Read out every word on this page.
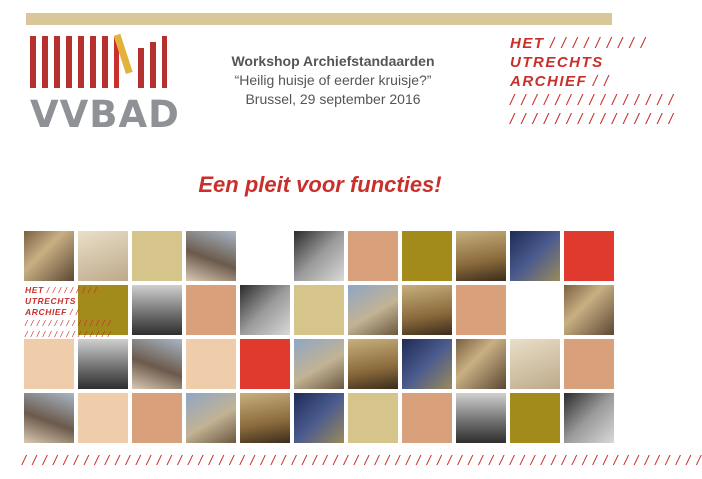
VVBAD
Workshop Archiefstandaarden
“Heilig huisje of eerder kruisje?”
Brussel, 29 september 2016
HET / / / / / / / / /
UTRECHTS
ARCHIEF / /
/ / / / / / / / / / / / / / /
/ / / / / / / / / / / / / / /
Een pleit voor functies!
HET / / / / / / / / /
UTRECHTS
ARCHIEF / /
/ / / / / / / / / / / / / / /
/ / / / / / / / / / / / / / /
/ / / / / / / / / / / / / / / / / / / / / / / / / / / / / / / / / / / / / / / / / / / / / / / / / / / / / / / / / / / / / / / / / /
